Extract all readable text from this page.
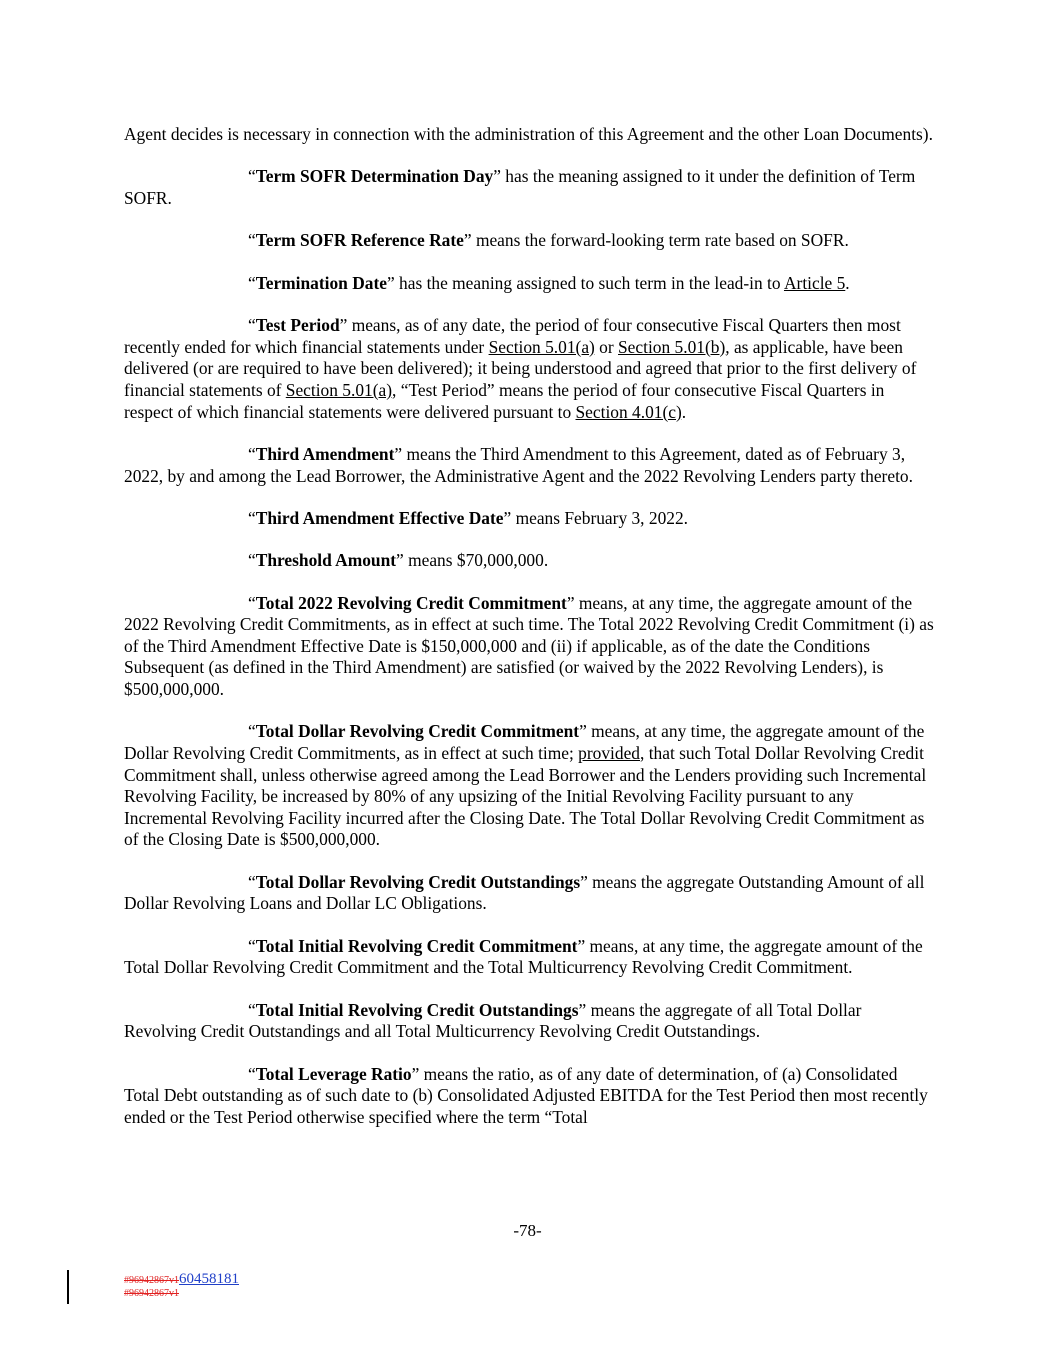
Agent decides is necessary in connection with the administration of this Agreement and the other Loan Documents).

“Term SOFR Determination Day” has the meaning assigned to it under the definition of Term SOFR.

“Term SOFR Reference Rate” means the forward-looking term rate based on SOFR.

“Termination Date” has the meaning assigned to such term in the lead-in to Article 5.

“Test Period” means, as of any date, the period of four consecutive Fiscal Quarters then most recently ended for which financial statements under Section 5.01(a) or Section 5.01(b), as applicable, have been delivered (or are required to have been delivered); it being understood and agreed that prior to the first delivery of financial statements of Section 5.01(a), “Test Period” means the period of four consecutive Fiscal Quarters in respect of which financial statements were delivered pursuant to Section 4.01(c).

“Third Amendment” means the Third Amendment to this Agreement, dated as of February 3, 2022, by and among the Lead Borrower, the Administrative Agent and the 2022 Revolving Lenders party thereto.

“Third Amendment Effective Date” means February 3, 2022.

“Threshold Amount” means $70,000,000.

“Total 2022 Revolving Credit Commitment” means, at any time, the aggregate amount of the 2022 Revolving Credit Commitments, as in effect at such time. The Total 2022 Revolving Credit Commitment (i) as of the Third Amendment Effective Date is $150,000,000 and (ii) if applicable, as of the date the Conditions Subsequent (as defined in the Third Amendment) are satisfied (or waived by the 2022 Revolving Lenders), is $500,000,000.

“Total Dollar Revolving Credit Commitment” means, at any time, the aggregate amount of the Dollar Revolving Credit Commitments, as in effect at such time; provided, that such Total Dollar Revolving Credit Commitment shall, unless otherwise agreed among the Lead Borrower and the Lenders providing such Incremental Revolving Facility, be increased by 80% of any upsizing of the Initial Revolving Facility pursuant to any Incremental Revolving Facility incurred after the Closing Date. The Total Dollar Revolving Credit Commitment as of the Closing Date is $500,000,000.

“Total Dollar Revolving Credit Outstandings” means the aggregate Outstanding Amount of all Dollar Revolving Loans and Dollar LC Obligations.

“Total Initial Revolving Credit Commitment” means, at any time, the aggregate amount of the Total Dollar Revolving Credit Commitment and the Total Multicurrency Revolving Credit Commitment.

“Total Initial Revolving Credit Outstandings” means the aggregate of all Total Dollar Revolving Credit Outstandings and all Total Multicurrency Revolving Credit Outstandings.

“Total Leverage Ratio” means the ratio, as of any date of determination, of (a) Consolidated Total Debt outstanding as of such date to (b) Consolidated Adjusted EBITDA for the Test Period then most recently ended or the Test Period otherwise specified where the term “Total

-78-
#96942867v160458181
#96942867v1
